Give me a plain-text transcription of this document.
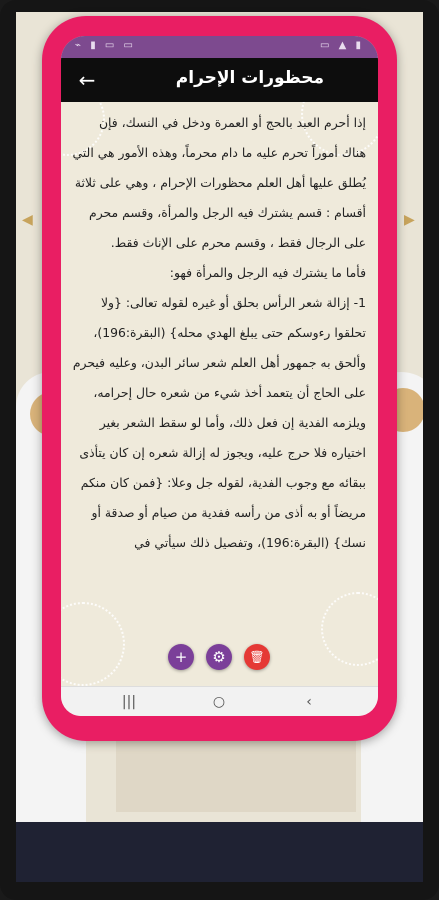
◀	▶
⌁ ▮ ▭ ▭	▭ ▲ ▮
←	محظورات الإحرام

إذا أحرم العبد بالحج أو العمرة ودخل في النسك، فإن هناك أموراً تحرم عليه ما دام محرماً، وهذه الأمور هي التي يُطلق عليها أهل العلم محظورات الإحرام ، وهي على ثلاثة أقسام : قسم يشترك فيه الرجل والمرأة، وقسم محرم على الرجال فقط ، وقسم محرم على الإناث فقط.

فأما ما يشترك فيه الرجل والمرأة فهو:

1- إزالة شعر الرأس بحلق أو غيره لقوله تعالى: {ولا تحلقوا رءوسكم حتى يبلغ الهدي محله} (البقرة:196)، وألحق به جمهور أهل العلم شعر سائر البدن، وعليه فيحرم على الحاج أن يتعمد أخذ شيء من شعره حال إحرامه، ويلزمه الفدية إن فعل ذلك، وأما لو سقط الشعر بغير اختياره فلا حرج عليه، ويجوز له إزالة شعره إن كان يتأذى ببقائه مع وجوب الفدية، لقوله جل وعلا: {فمن كان منكم مريضاً أو به أذى من رأسه ففدية من صيام أو صدقة أو نسك} (البقرة:196)، وتفصيل ذلك سيأتي في

|||	○	‹
+	⚙	🗑
